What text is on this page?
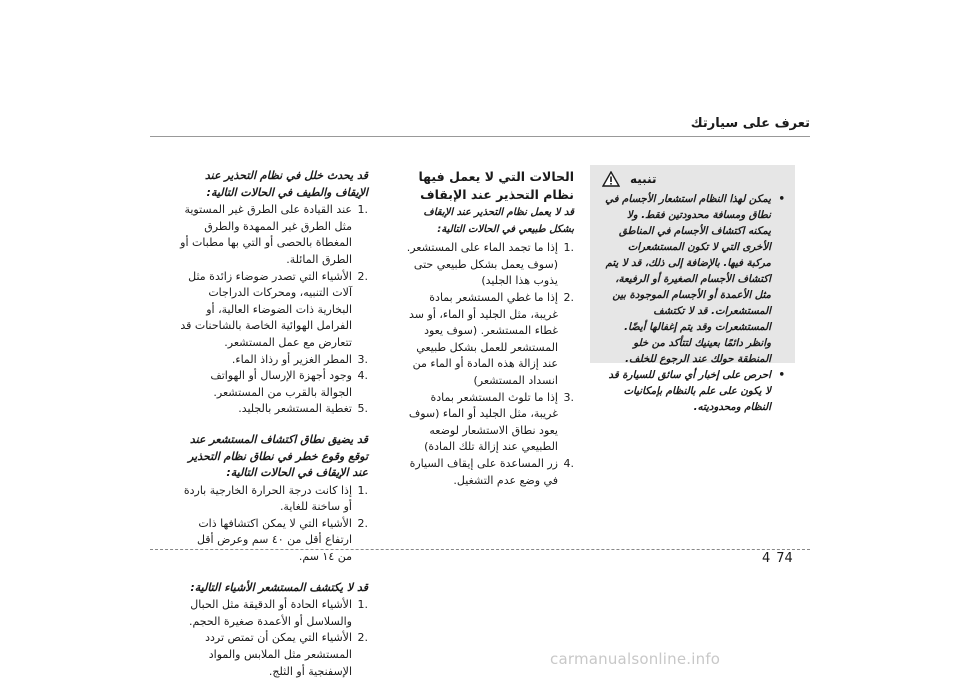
تعرف على سيارتك
تنبيه
•
يمكن لهذا النظام استشعار الأجسام في نطاق ومسافة محدودتين فقط. ولا يمكنه اكتشاف الأجسام في المناطق الأخرى التي لا تكون المستشعرات مركبة فيها. بالإضافة إلى ذلك، قد لا يتم اكتشاف الأجسام الصغيرة أو الرفيعة، مثل الأعمدة أو الأجسام الموجودة بين المستشعرات. قد لا تكتشف المستشعرات وقد يتم إغفالها أيضًا. وانظر دائمًا بعينيك لتتأكد من خلو المنطقة حولك عند الرجوع للخلف.
•
احرص على إخبار أي سائق للسيارة قد لا يكون على علم بالنظام بإمكانيات النظام ومحدوديته.
الحالات التي لا يعمل فيها نظام التحذير عند الإبقاف
قد لا يعمل نظام التحذير عند الإبقاف بشكل طبيعي في الحالات التالية:
.1
إذا ما تجمد الماء على المستشعر. (سوف يعمل بشكل طبيعي حتى يذوب هذا الجليد)
.2
إذا ما غطي المستشعر بمادة غريبة، مثل الجليد أو الماء، أو سد غطاء المستشعر. (سوف يعود المستشعر للعمل بشكل طبيعي عند إزالة هذه المادة أو الماء من انسداد المستشعر)
.3
إذا ما تلوث المستشعر بمادة غريبة، مثل الجليد أو الماء (سوف يعود نطاق الاستشعار لوضعه الطبيعي عند إزالة تلك المادة)
.4
زر المساعدة على إيقاف السيارة في وضع عدم التشغيل.
قد يحدث خلل في نظام التحذير عند الإيقاف والطيف في الحالات التالية:
.1
عند القيادة على الطرق غير المستوية مثل الطرق غير الممهدة والطرق المغطاة بالحصى أو التي بها مطبات أو الطرق المائلة.
.2
الأشياء التي تصدر ضوضاء زائدة مثل آلات التنبيه، ومحركات الدراجات البخارية ذات الضوضاء العالية، أو الفرامل الهوائية الخاصة بالشاحنات قد تتعارض مع عمل المستشعر.
.3
المطر الغزير أو رذاذ الماء.
.4
وجود أجهزة الإرسال أو الهواتف الجوالة بالقرب من المستشعر.
.5
تغطية المستشعر بالجليد.
قد يضيق نطاق اكتشاف المستشعر عند توقع وقوع خطر في نطاق نظام التحذير عند الإيقاف في الحالات التالية:
.1
إذا كانت درجة الحرارة الخارجية باردة أو ساخنة للغاية.
.2
الأشياء التي لا يمكن اكتشافها ذات ارتفاع أقل من ٤٠ سم وعرض أقل من ١٤ سم.
قد لا يكتشف المستشعر الأشياء التالية:
.1
الأشياء الحادة أو الدقيقة مثل الحبال والسلاسل أو الأعمدة صغيرة الحجم.
.2
الأشياء التي يمكن أن تمتص تردد المستشعر مثل الملابس والمواد الإسفنجية أو الثلج.
4 74
carmanualsonline.info
